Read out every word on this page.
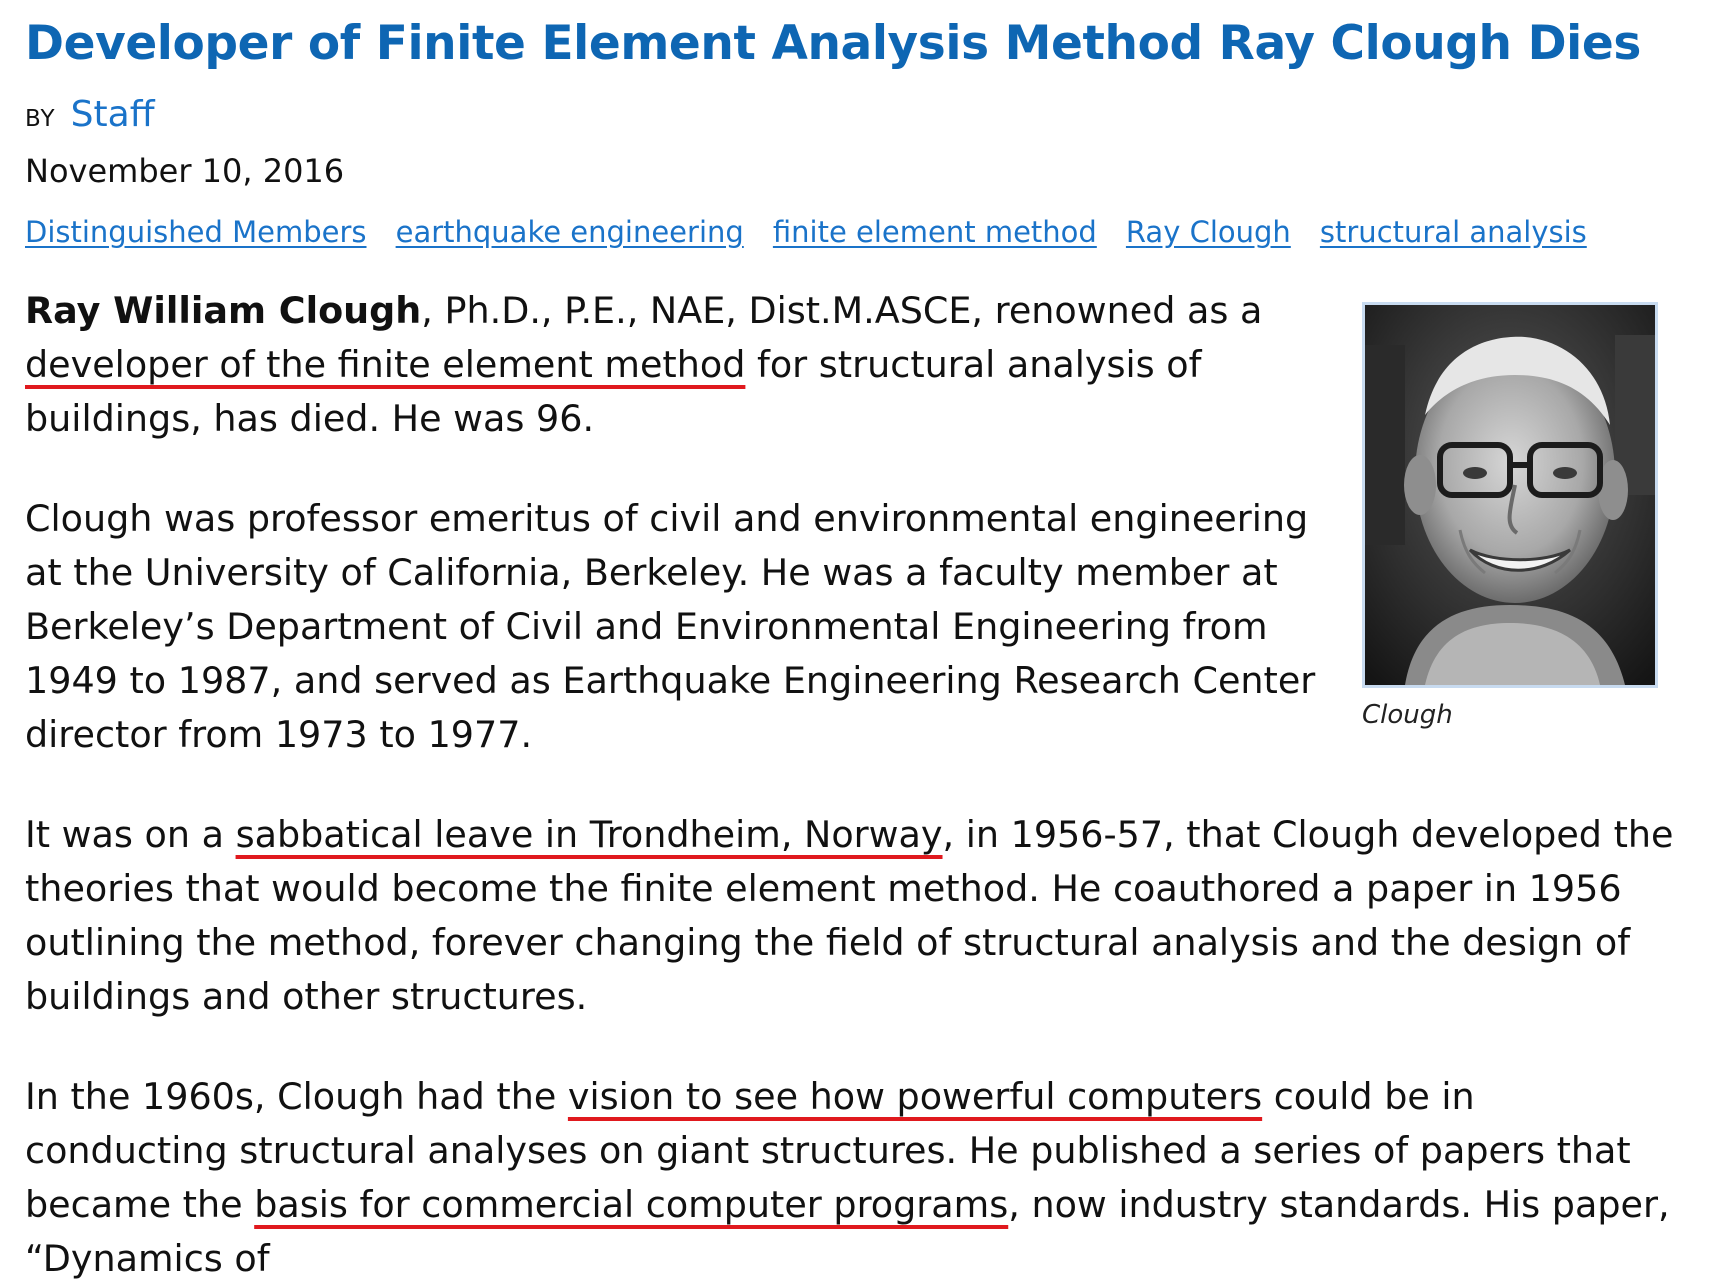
Developer of Finite Element Analysis Method Ray Clough Dies
BY Staff
November 10, 2016
Distinguished Members earthquake engineering finite element method Ray Clough structural analysis
Clough

Ray William Clough, Ph.D., P.E., NAE, Dist.M.ASCE, renowned as a developer of the finite element method for structural analysis of buildings, has died. He was 96.

Clough was professor emeritus of civil and environmental engineering at the University of California, Berkeley. He was a faculty member at Berkeley’s Department of Civil and Environmental Engineering from 1949 to 1987, and served as Earthquake Engineering Research Center director from 1973 to 1977.

It was on a sabbatical leave in Trondheim, Norway, in 1956-57, that Clough developed the theories that would become the finite element method. He coauthored a paper in 1956 outlining the method, forever changing the field of structural analysis and the design of buildings and other structures.

In the 1960s, Clough had the vision to see how powerful computers could be in conducting structural analyses on giant structures. He published a series of papers that became the basis for commercial computer programs, now industry standards. His paper, “Dynamics of
